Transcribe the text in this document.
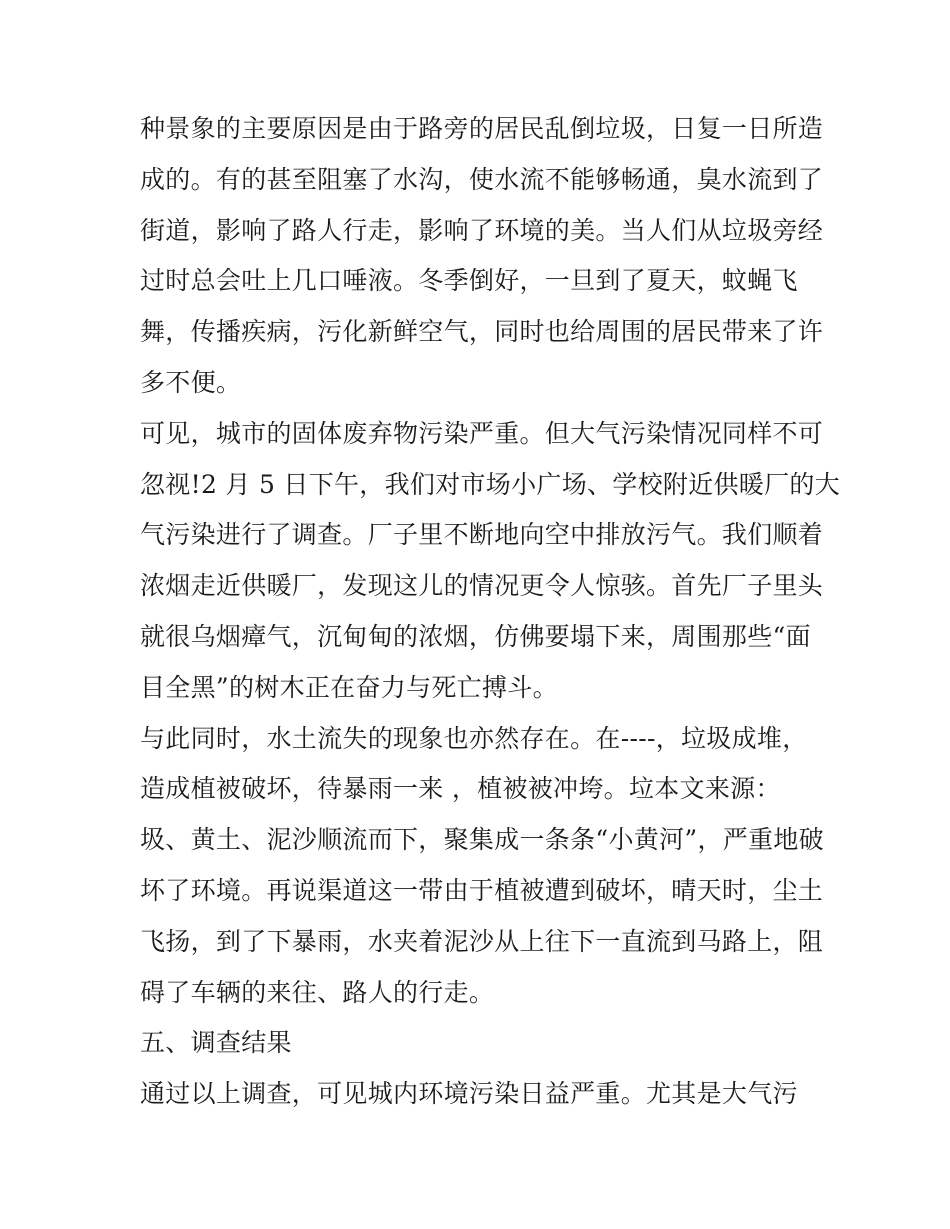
种景象的主要原因是由于路旁的居民乱倒垃圾，日复一日所造
成的。有的甚至阻塞了水沟，使水流不能够畅通，臭水流到了
街道，影响了路人行走，影响了环境的美。当人们从垃圾旁经
过时总会吐上几口唾液。冬季倒好，一旦到了夏天，蚊蝇飞
舞，传播疾病，污化新鲜空气，同时也给周围的居民带来了许
多不便。
可见，城市的固体废弃物污染严重。但大气污染情况同样不可
忽视!2 月 5 日下午，我们对市场小广场、学校附近供暖厂的大
气污染进行了调查。厂子里不断地向空中排放污气。我们顺着
浓烟走近供暖厂，发现这儿的情况更令人惊骇。首先厂子里头
就很乌烟瘴气，沉甸甸的浓烟，仿佛要塌下来，周围那些“面
目全黑”的树木正在奋力与死亡搏斗。
与此同时，水土流失的现象也亦然存在。在----，垃圾成堆，
造成植被破坏，待暴雨一来 ，植被被冲垮。垃本文来源：
圾、黄土、泥沙顺流而下，聚集成一条条“小黄河”，严重地破
坏了环境。再说渠道这一带由于植被遭到破坏，晴天时，尘土
飞扬，到了下暴雨，水夹着泥沙从上往下一直流到马路上，阻
碍了车辆的来往、路人的行走。
五、调查结果
通过以上调查，可见城内环境污染日益严重。尤其是大气污
